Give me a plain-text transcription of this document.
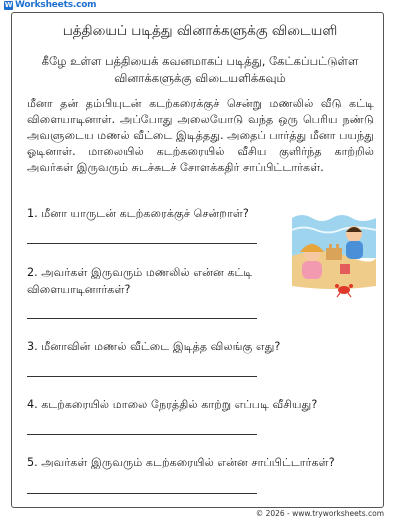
W Worksheets.com
பத்தியைப் படித்து வினாக்களுக்கு விடையளி
கீழே உள்ள பத்தியைக் கவனமாகப் படித்து, கேட்கப்பட்டுள்ள
வினாக்களுக்கு விடையளிக்கவும்
மீனா தன் தம்பியுடன் கடற்கரைக்குச் சென்று மணலில் வீடு கட்டி விளையாடினாள். அப்போது அலையோடு வந்த ஒரு பெரிய நண்டு அவளுடைய மணல் வீட்டை இடித்தது. அதைப் பார்த்து மீனா பயந்து ஓடினாள். மாலையில் கடற்கரையில் வீசிய குளிர்ந்த காற்றில் அவர்கள் இருவரும் சுடச்சுடச் சோளக்கதிர் சாப்பிட்டார்கள்.
1. மீனா யாருடன் கடற்கரைக்குச் சென்றாள்?
2. அவர்கள் இருவரும் மணலில் என்ன கட்டி
விளையாடினார்கள்?
3. மீனாவின் மணல் வீட்டை இடித்த விலங்கு எது?
4. கடற்கரையில் மாலை நேரத்தில் காற்று எப்படி வீசியது?
5. அவர்கள் இருவரும் கடற்கரையில் என்ன சாப்பிட்டார்கள்?
© 2026 - www.tryworksheets.com
